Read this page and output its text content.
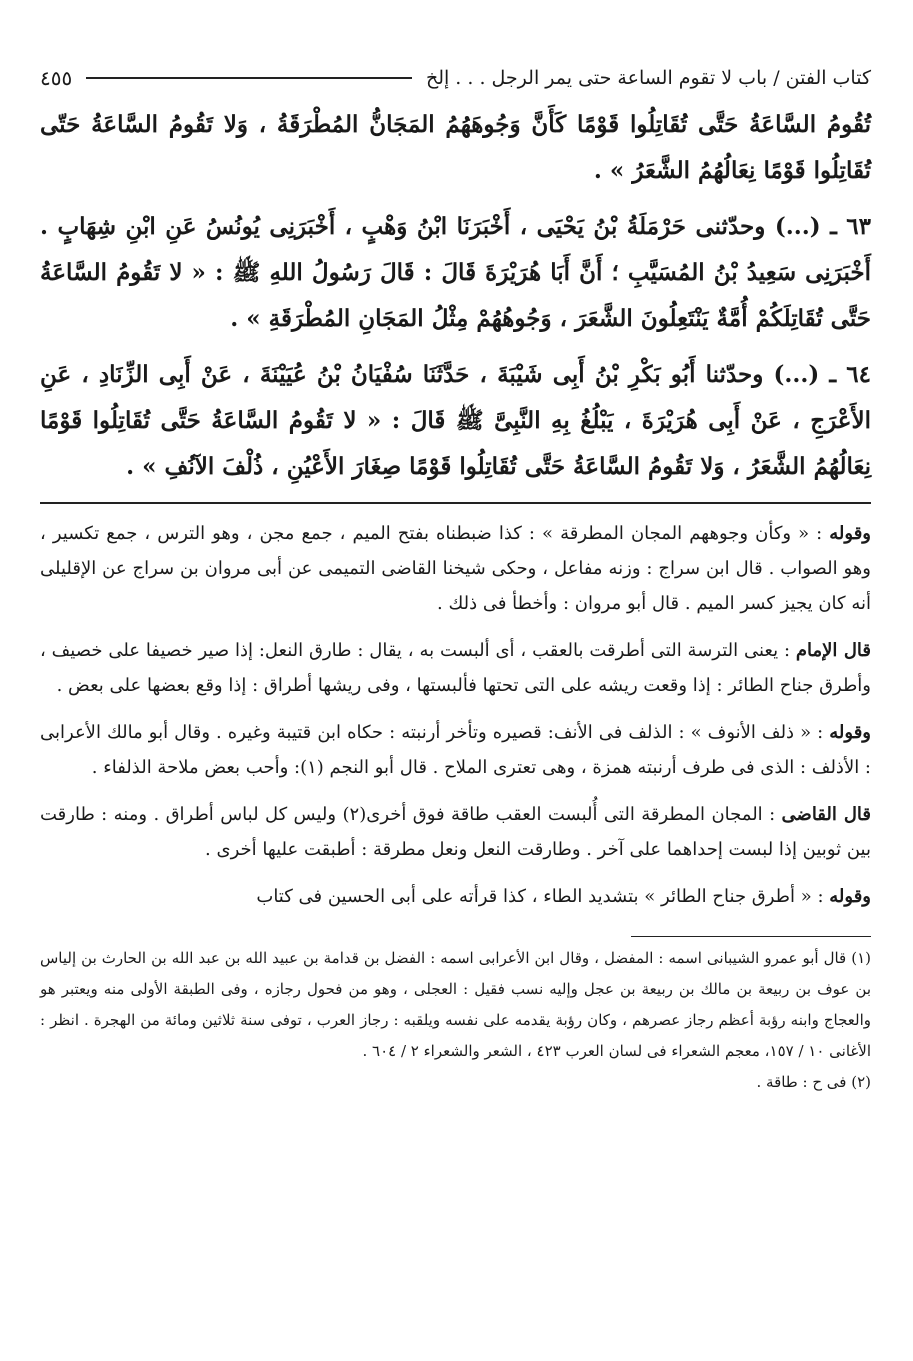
كتاب الفتن / باب لا تقوم الساعة حتى يمر الرجل . . . إلخ
٤٥٥

تُقُومُ السَّاعَةُ حَتَّى تُقَاتِلُوا قَوْمًا كَأَنَّ وَجُوهَهُمُ المَجَانُّ المُطْرَقَةُ ، وَلا تَقُومُ السَّاعَةُ حَتّى تُقَاتِلُوا قَوْمًا نِعَالُهُمُ الشَّعَرُ » .

٦٣ ـ (...) وحدّثنى حَرْمَلَةُ بْنُ يَحْيَى ، أَخْبَرَنَا ابْنُ وَهْبٍ ، أَخْبَرَنِى يُونُسُ عَنِ ابْنِ شِهَابٍ . أَخْبَرَنِى سَعِيدُ بْنُ المُسَيَّبِ ؛ أَنَّ أَبَا هُرَيْرَةَ قَالَ : قَالَ رَسُولُ اللهِ ﷺ : « لا تَقُومُ السَّاعَةُ حَتَّى تُقَاتِلَكُمْ أُمَّةٌ يَنْتَعِلُونَ الشَّعَرَ ، وَجُوهُهُمْ مِثْلُ المَجَانِ المُطْرَقَةِ » .

٦٤ ـ (...) وحدّثنا أَبُو بَكْرِ بْنُ أَبِى شَيْبَةَ ، حَدَّثَنَا سُفْيَانُ بْنُ عُيَيْنَةَ ، عَنْ أَبِى الزِّنَادِ ، عَنِ الأَعْرَجِ ، عَنْ أَبِى هُرَيْرَةَ ، يَبْلُغُ بِهِ النَّبِىَّ ﷺ قَالَ : « لا تَقُومُ السَّاعَةُ حَتَّى تُقَاتِلُوا قَوْمًا نِعَالُهُمُ الشَّعَرُ ، وَلا تَقُومُ السَّاعَةُ حَتَّى تُقَاتِلُوا قَوْمًا صِغَارَ الأَعْيُنِ ، ذُلْفَ الآنُفِ » .

وقوله : « وكأن وجوههم المجان المطرقة » : كذا ضبطناه بفتح الميم ، جمع مجن ، وهو الترس ، جمع تكسير ، وهو الصواب . قال ابن سراج : وزنه مفاعل ، وحكى شيخنا القاضى التميمى عن أبى مروان بن سراج عن الإقليلى أنه كان يجيز كسر الميم . قال أبو مروان : وأخطأ فى ذلك .

قال الإمام : يعنى الترسة التى أطرقت بالعقب ، أى ألبست به ، يقال : طارق النعل: إذا صير خصيفا على خصيف ، وأطرق جناح الطائر : إذا وقعت ريشه على التى تحتها فألبستها ، وفى ريشها أطراق : إذا وقع بعضها على بعض .

وقوله : « ذلف الأنوف » : الذلف فى الأنف: قصيره وتأخر أرنبته : حكاه ابن قتيبة وغيره . وقال أبو مالك الأعرابى : الأذلف : الذى فى طرف أرنبته همزة ، وهى تعترى الملاح . قال أبو النجم (١): وأحب بعض ملاحة الذلفاء .

قال القاضى : المجان المطرقة التى أُلبست العقب طاقة فوق أخرى(٢) وليس كل لباس أطراق . ومنه : طارقت بين ثوبين إذا لبست إحداهما على آخر . وطارقت النعل ونعل مطرقة : أطبقت عليها أخرى .

وقوله : « أطرق جناح الطائر » بتشديد الطاء ، كذا قرأته على أبى الحسين فى كتاب

(١) قال أبو عمرو الشيبانى اسمه : المفضل ، وقال ابن الأعرابى اسمه : الفضل بن قدامة بن عبيد الله بن عبد الله بن الحارث بن إلياس بن عوف بن ربيعة بن مالك بن ربيعة بن عجل وإليه نسب فقيل : العجلى ، وهو من فحول رجازه ، وفى الطبقة الأولى منه ويعتبر هو والعجاج وابنه رؤبة أعظم رجاز عصرهم ، وكان رؤبة يقدمه على نفسه ويلقبه : رجاز العرب ، توفى سنة ثلاثين ومائة من الهجرة . انظر : الأغانى ١٠ / ١٥٧، معجم الشعراء فى لسان العرب ٤٢٣ ، الشعر والشعراء ٢ / ٦٠٤ .

(٢) فى ح : طاقة .
